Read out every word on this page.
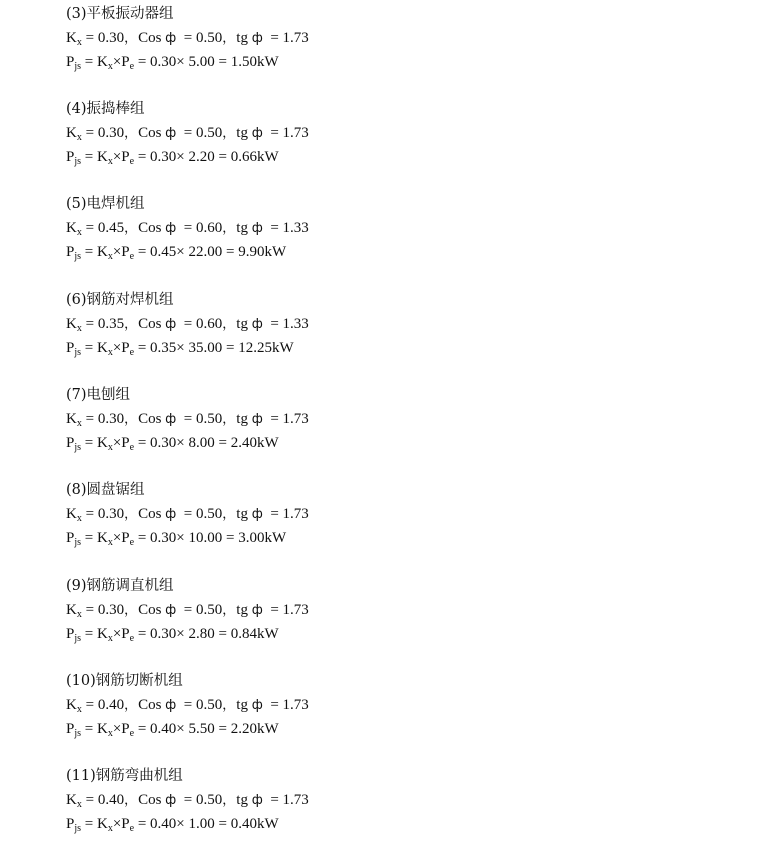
(3)平板振动器组
$K_x = 0.30$，Cos ф  = 0.50，tg ф  = 1.73
$P_{js} = K_x\times P_e = 0.30\times 5.00 = 1.50kW$
(4)振捣棒组
$K_x = 0.30$，Cos ф  = 0.50，tg ф  = 1.73
$P_{js} = K_x\times P_e = 0.30\times 2.20 = 0.66kW$
(5)电焊机组
$K_x = 0.45$，Cos ф  = 0.60，tg ф  = 1.33
$P_{js} = K_x\times P_e = 0.45\times 22.00 = 9.90kW$
(6)钢筋对焊机组
$K_x = 0.35$，Cos ф  = 0.60，tg ф  = 1.33
$P_{js} = K_x\times P_e = 0.35\times 35.00 = 12.25kW$
(7)电刨组
$K_x = 0.30$，Cos ф  = 0.50，tg ф  = 1.73
$P_{js} = K_x\times P_e = 0.30\times 8.00 = 2.40kW$
(8)圆盘锯组
$K_x = 0.30$，Cos ф  = 0.50，tg ф  = 1.73
$P_{js} = K_x\times P_e = 0.30\times 10.00 = 3.00kW$
(9)钢筋调直机组
$K_x = 0.30$，Cos ф  = 0.50，tg ф  = 1.73
$P_{js} = K_x\times P_e = 0.30\times 2.80 = 0.84kW$
(10)钢筋切断机组
$K_x = 0.40$，Cos ф  = 0.50，tg ф  = 1.73
$P_{js} = K_x\times P_e = 0.40\times 5.50 = 2.20kW$
(11)钢筋弯曲机组
$K_x = 0.40$，Cos ф  = 0.50，tg ф  = 1.73
$P_{js} = K_x\times P_e = 0.40\times 1.00 = 0.40kW$
